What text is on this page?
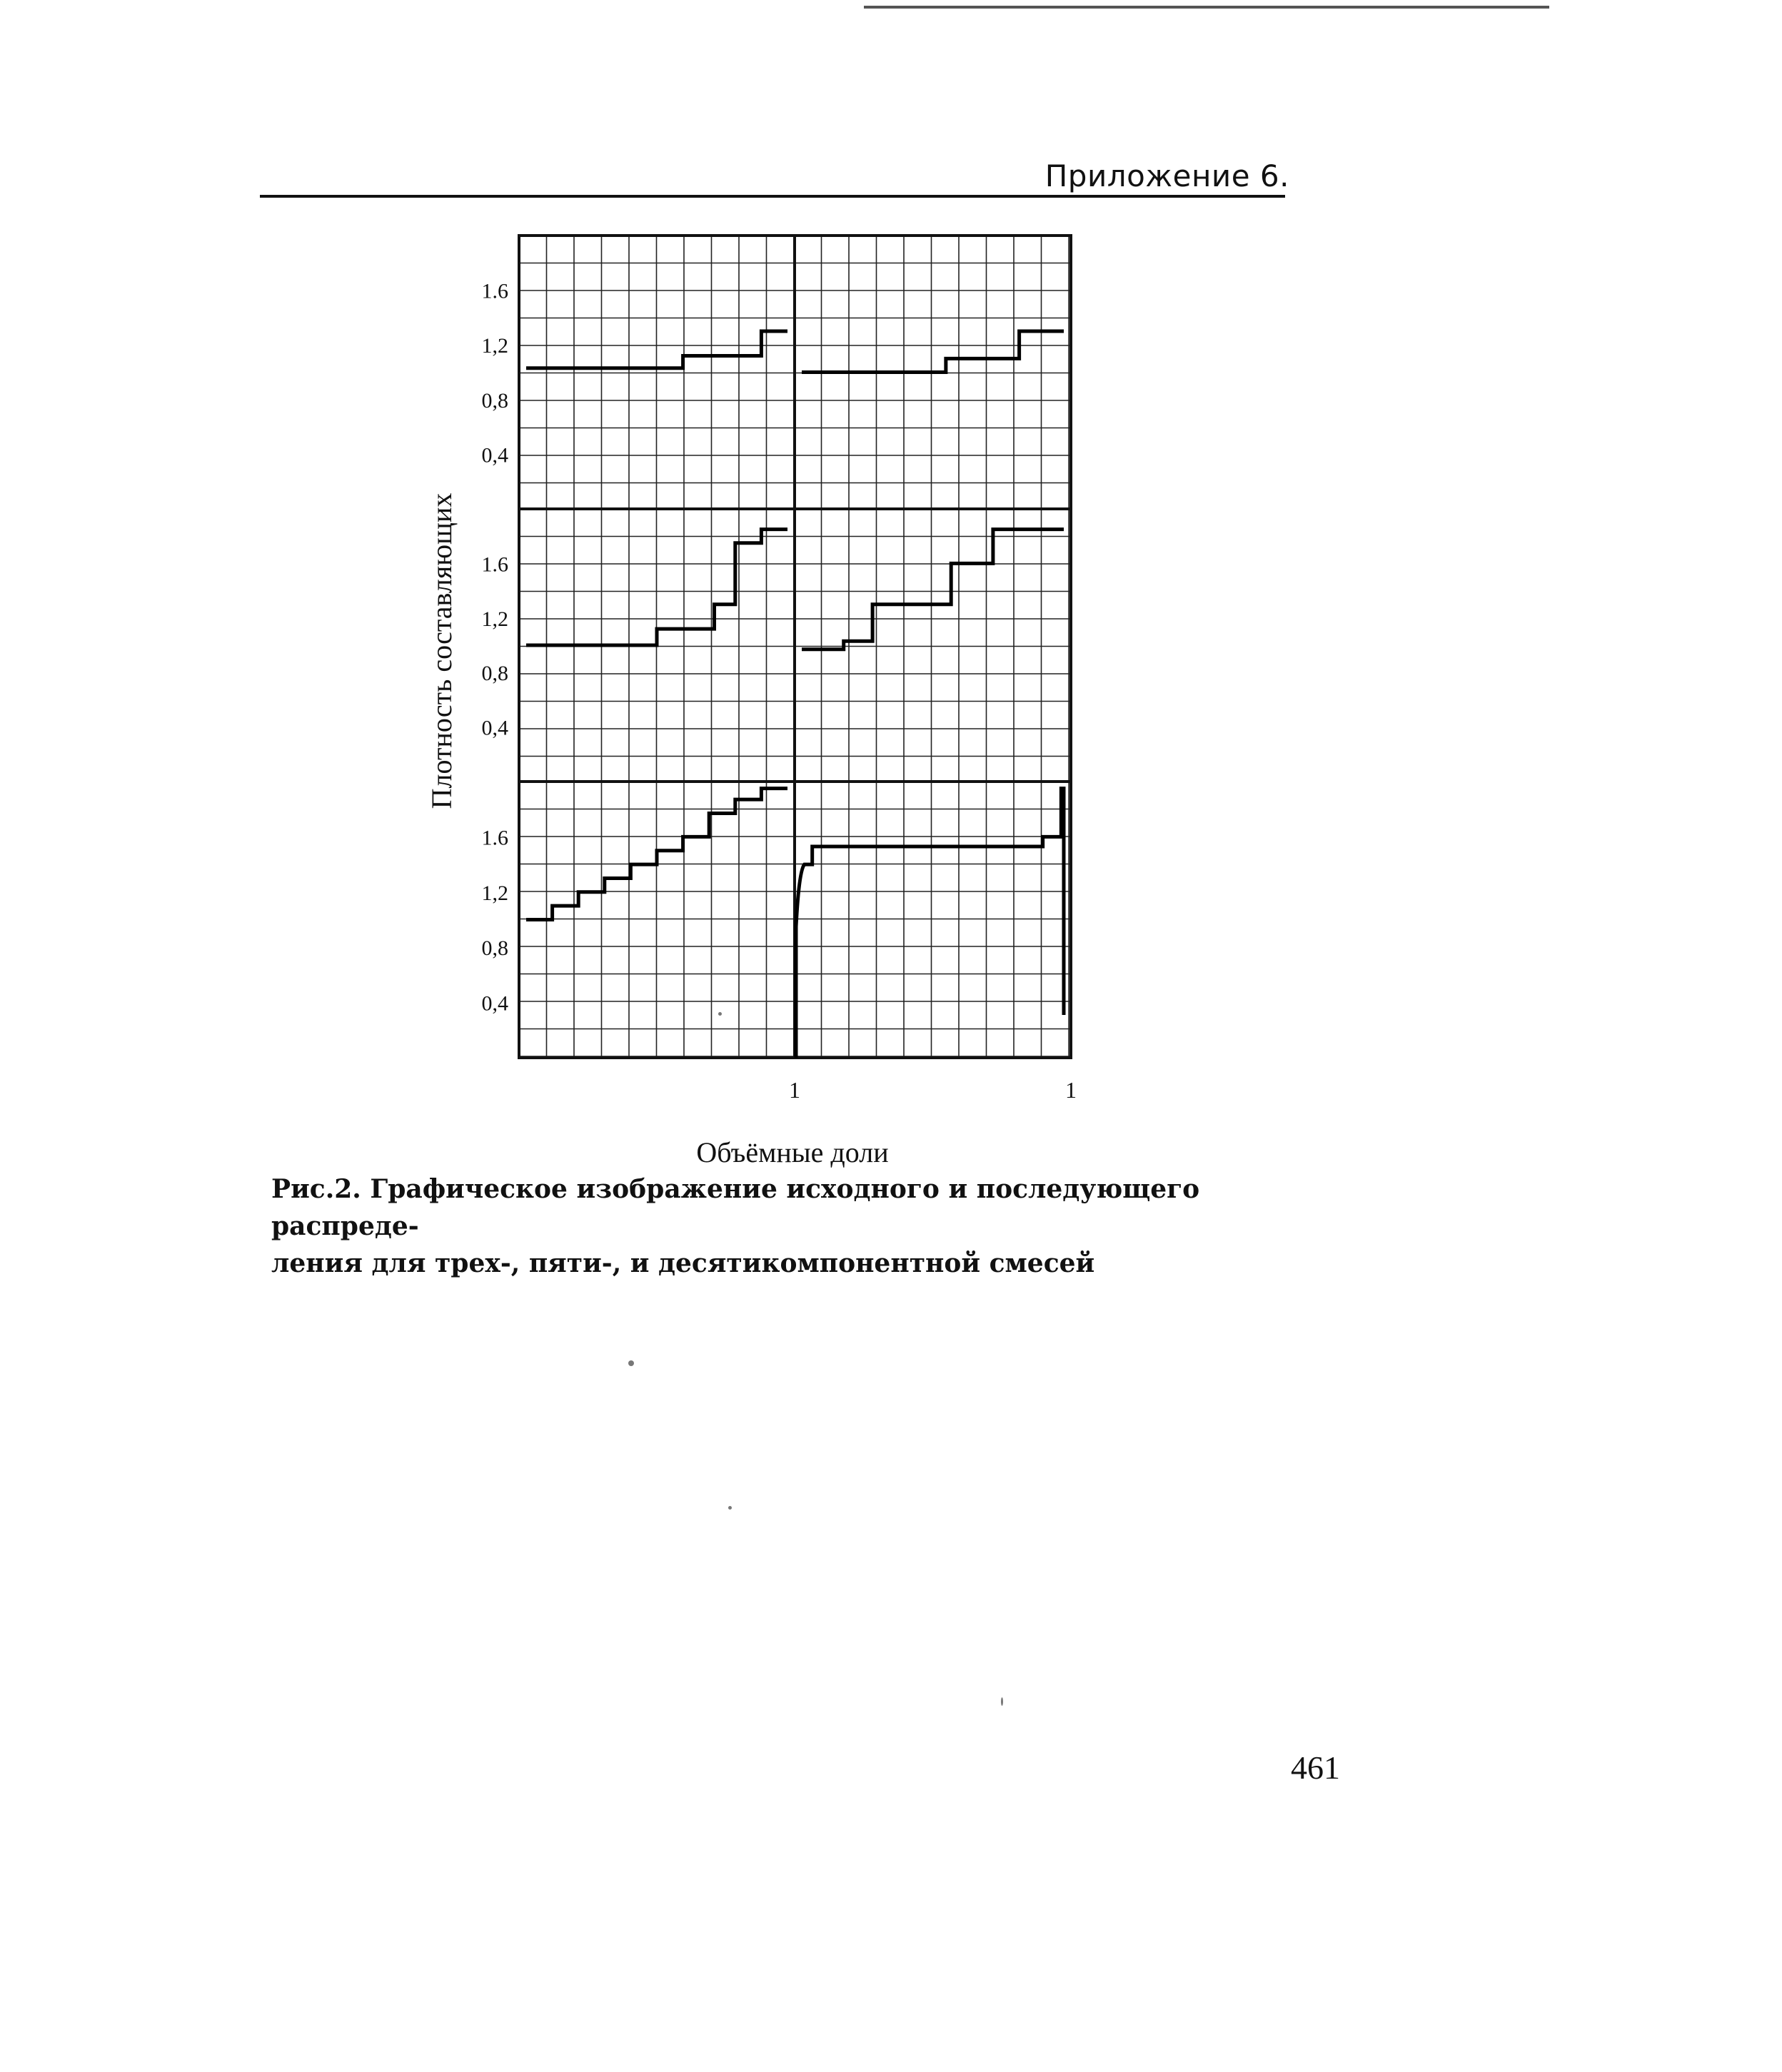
Приложение 6.
1.6
1,2
0,8
0,4
1.6
1,2
0,8
0,4
1.6
1,2
0,8
0,4
Плотность составляющих
1	1
Объёмные доли
Рис.2. Графическое изображение исходного и последующего распреде-
ления для трех-, пяти-, и десятикомпонентной смесей
461
